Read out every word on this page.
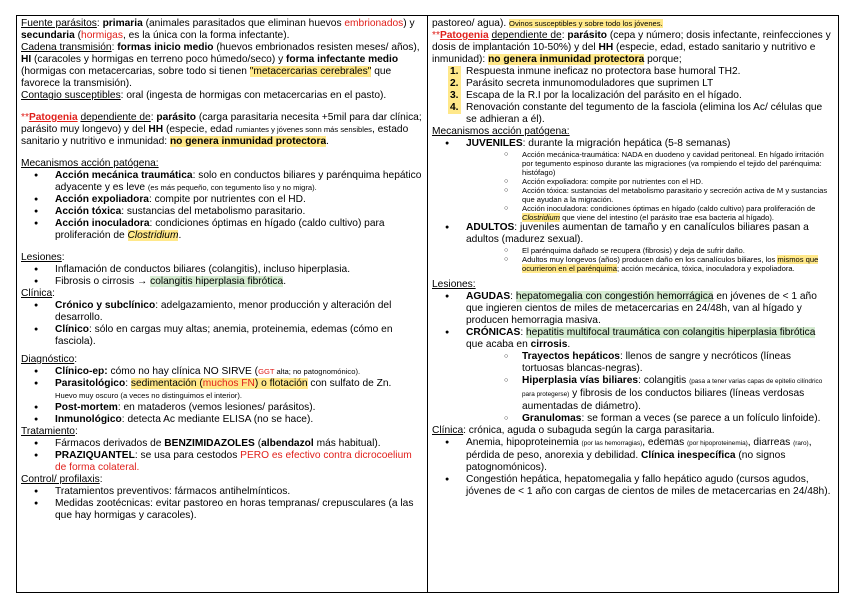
Fuente parásitos: primaria (animales parasitados que eliminan huevos embrionados) y secundaria (hormigas, es la única con la forma infectante).

Cadena transmisión: formas inicio medio (huevos embrionados resisten meses/ años), HI (caracoles y hormigas en terreno poco húmedo/seco) y forma infectante medio (hormigas con metacercarias, sobre todo si tienen "metacercarias cerebrales" que favorece la transmisión).

Contagio susceptibles: oral (ingesta de hormigas con metacercarias en el pasto).

**Patogenia dependiente de: parásito (carga parasitaria necesita +5mil para dar clínica; parásito muy longevo) y del HH (especie, edad rumiantes y jóvenes sonn más sensibles, estado sanitario y nutritivo e inmunidad: no genera inmunidad protectora.

Mecanismos acción patógena:

● Acción mecánica traumática: solo en conductos biliares y parénquima hepático adyacente y es leve (es más pequeño, con tegumento liso y no migra).
● Acción expoliadora: compite por nutrientes con el HD.
● Acción tóxica: sustancias del metabolismo parasitario.
● Acción inoculadora: condiciones óptimas en hígado (caldo cultivo) para proliferación de Clostridium.

Lesiones:

● Inflamación de conductos biliares (colangitis), incluso hiperplasia.
● Fibrosis o cirrosis → colangitis hiperplasia fibrótica.

Clínica:

● Crónico y subclínico: adelgazamiento, menor producción y alteración del desarrollo.
● Clínico: sólo en cargas muy altas; anemia, proteinemia, edemas (cómo en fasciola).

Diagnóstico:

● Clínico-ep: cómo no hay clínica NO SIRVE (GGT alta; no patognomónico).
● Parasitológico: sedimentación (muchos FN) o flotación con sulfato de Zn.
Huevo muy oscuro (a veces no distinguimos el interior).
● Post-mortem: en mataderos (vemos lesiones/ parásitos).
● Inmunológico: detecta Ac mediante ELISA (no se hace).

Tratamiento:

● Fármacos derivados de BENZIMIDAZOLES (albendazol más habitual).
● PRAZIQUANTEL: se usa para cestodos PERO es efectivo contra dicrocoelium de forma colateral.

Control/ profilaxis:

● Tratamientos preventivos: fármacos antihelmínticos.
● Medidas zootécnicas: evitar pastoreo en horas tempranas/ crepusculares (a las que hay hormigas y caracoles).

pastoreo/ agua). Ovinos susceptibles y sobre todo los jóvenes.

**Patogenia dependiente de: parásito (cepa y número; dosis infectante, reinfecciones y dosis de implantación 10-50%) y del HH (especie, edad, estado sanitario y nutritivo e inmunidad): no genera inmunidad protectora porque;

1. Respuesta inmune ineficaz no protectora base humoral TH2.
2. Parásito secreta inmunomoduladores que suprimen LT
3. Escapa de la R.I por la localización del parásito en el hígado.
4. Renovación constante del tegumento de la fasciola (elimina los Ac/ células que se adhieran a él).

Mecanismos acción patógena:

● JUVENILES: durante la migración hepática (5-8 semanas)
○ Acción mecánica-traumática: NADA en duodeno y cavidad peritoneal. En hígado irritación por tegumento espinoso durante las migraciones (va rompiendo el tejido del parénquima: histófago)
○ Acción expoliadora: compite por nutrientes con el HD.
○ Acción tóxica: sustancias del metabolismo parasitario y secreción activa de M y sustancias que ayudan a la migración.
○ Acción inoculadora: condiciones óptimas en hígado (caldo cultivo) para proliferación de Clostridium que viene del intestino (el parásito trae esa bacteria al hígado).
● ADULTOS: juveniles aumentan de tamaño y en canalículos biliares pasan a adultos (madurez sexual).
○ El parénquima dañado se recupera (fibrosis) y deja de sufrir daño.
○ Adultos muy longevos (años) producen daño en los canalículos biliares, los mismos que ocurrieron en el parénquima; acción mecánica, tóxica, inoculadora y expoliadora.

Lesiones:

● AGUDAS: hepatomegalia con congestión hemorrágica en jóvenes de < 1 año que ingieren cientos de miles de metacercarias en 24/48h, van al hígado y producen hemorragia masiva.
● CRÓNICAS: hepatitis multifocal traumática con colangitis hiperplasia fibrótica que acaba en cirrosis.
○ Trayectos hepáticos: llenos de sangre y necróticos (líneas tortuosas blancas-negras).
○ Hiperplasia vías biliares: colangitis (pasa a tener varias capas de epitelio cilíndrico para protegerse) y fibrosis de los conductos biliares (líneas verdosas aumentadas de diámetro).
○ Granulomas: se forman a veces (se parece a un folículo linfoide).

Clínica: crónica, aguda o subaguda según la carga parasitaria.

● Anemia, hipoproteinemia (por las hemorragias), edemas (por hipoproteinemia), diarreas (raro), pérdida de peso, anorexia y debilidad. Clínica inespecífica (no signos patognomónicos).
● Congestión hepática, hepatomegalia y fallo hepático agudo (cursos agudos, jóvenes de < 1 año con cargas de cientos de miles de metacercarias en 24/48h).
